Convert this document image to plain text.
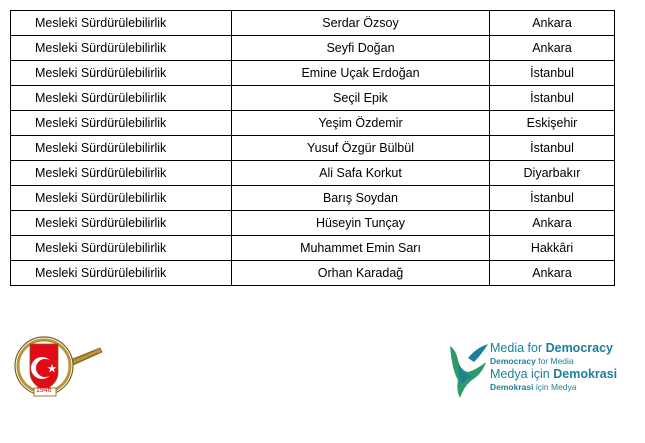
Mesleki Sürdürülebilirlik	Serdar Özsoy	Ankara
Mesleki Sürdürülebilirlik	Seyfi Doğan	Ankara
Mesleki Sürdürülebilirlik	Emine Uçak Erdoğan	İstanbul
Mesleki Sürdürülebilirlik	Seçil Epik	İstanbul
Mesleki Sürdürülebilirlik	Yeşim Özdemir	Eskişehir
Mesleki Sürdürülebilirlik	Yusuf Özgür Bülbül	İstanbul
Mesleki Sürdürülebilirlik	Ali Safa Korkut	Diyarbakır
Mesleki Sürdürülebilirlik	Barış Soydan	İstanbul
Mesleki Sürdürülebilirlik	Hüseyin Tunçay	Ankara
Mesleki Sürdürülebilirlik	Muhammet Emin Sarı	Hakkâri
Mesleki Sürdürülebilirlik	Orhan Karadağ	Ankara
1946
Media for Democracy
Democracy for Media
Medya için Demokrasi
Demokrasi için Medya
